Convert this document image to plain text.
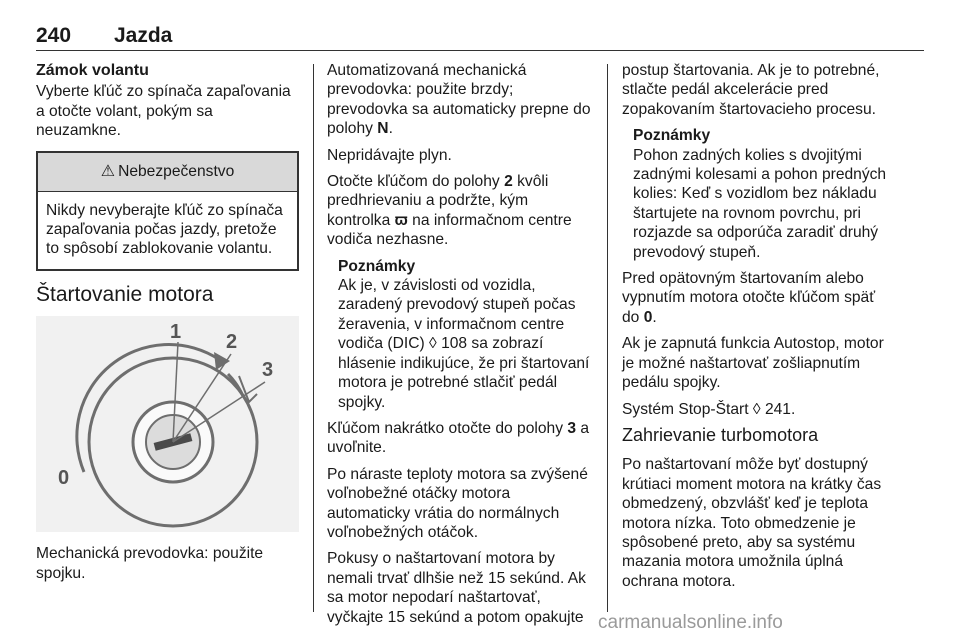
240 Jazda
Zámok volantu

Vyberte kľúč zo spínača zapaľovania a otočte volant, pokým sa neuzamkne.

⚠ Nebezpečenstvo
Nikdy nevyberajte kľúč zo spínača zapaľovania počas jazdy, pretože to spôsobí zablokovanie volantu.
Štartovanie motora
0
1 2
3

Mechanická prevodovka: použite spojku.

Automatizovaná mechanická prevodovka: použite brzdy; prevodovka sa automaticky prepne do polohy N.

Nepridávajte plyn.

Otočte kľúčom do polohy 2 kvôli predhrievaniu a podržte, kým kontrolka ϖ na informačnom centre vodiča nezhasne.

Poznámky
Ak je, v závislosti od vozidla, zaradený prevodový stupeň počas žeravenia, v informačnom centre vodiča (DIC) ◊ 108 sa zobrazí hlásenie indikujúce, že pri štartovaní motora je potrebné stlačiť pedál spojky.

Kľúčom nakrátko otočte do polohy 3 a uvoľnite.

Po náraste teploty motora sa zvýšené voľnobežné otáčky motora automaticky vrátia do normálnych voľnobežných otáčok.

Pokusy o naštartovaní motora by nemali trvať dlhšie než 15 sekúnd. Ak sa motor nepodarí naštartovať, vyčkajte 15 sekúnd a potom opakujte

postup štartovania. Ak je to potrebné, stlačte pedál akcelerácie pred zopakovaním štartovacieho procesu.

Poznámky
Pohon zadných kolies s dvojitými zadnými kolesami a pohon predných kolies: Keď s vozidlom bez nákladu štartujete na rovnom povrchu, pri rozjazde sa odporúča zaradiť druhý prevodový stupeň.

Pred opätovným štartovaním alebo vypnutím motora otočte kľúčom späť do 0.

Ak je zapnutá funkcia Autostop, motor je možné naštartovať zošliapnutím pedálu spojky.

Systém Stop-Štart ◊ 241.

Zahrievanie turbomotora

Po naštartovaní môže byť dostupný krútiaci moment motora na krátky čas obmedzený, obzvlášť keď je teplota motora nízka. Toto obmedzenie je spôsobené preto, aby sa systému mazania motora umožnila úplná ochrana motora.

carmanualsonline.info
